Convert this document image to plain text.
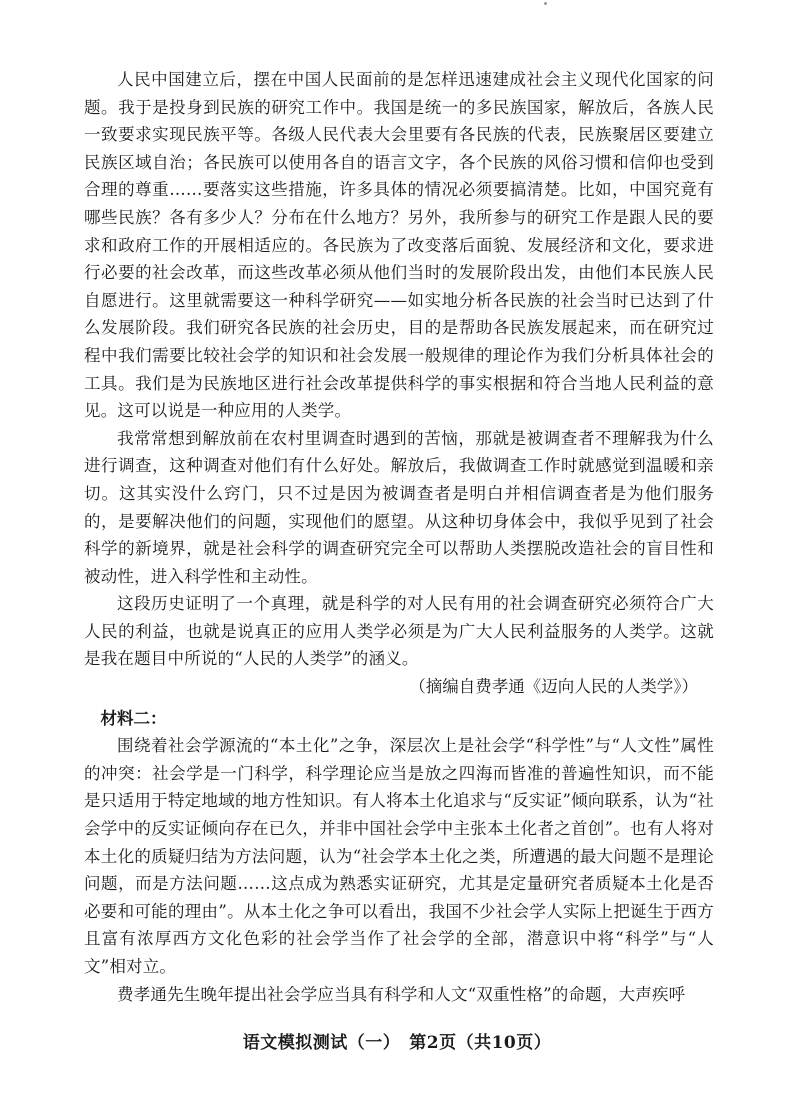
人民中国建立后，摆在中国人民面前的是怎样迅速建成社会主义现代化国家的问题。我于是投身到民族的研究工作中。我国是统一的多民族国家，解放后，各族人民一致要求实现民族平等。各级人民代表大会里要有各民族的代表，民族聚居区要建立民族区域自治；各民族可以使用各自的语言文字，各个民族的风俗习惯和信仰也受到合理的尊重……要落实这些措施，许多具体的情况必须要搞清楚。比如，中国究竟有哪些民族？各有多少人？分布在什么地方？另外，我所参与的研究工作是跟人民的要求和政府工作的开展相适应的。各民族为了改变落后面貌、发展经济和文化，要求进行必要的社会改革，而这些改革必须从他们当时的发展阶段出发，由他们本民族人民自愿进行。这里就需要这一种科学研究——如实地分析各民族的社会当时已达到了什么发展阶段。我们研究各民族的社会历史，目的是帮助各民族发展起来，而在研究过程中我们需要比较社会学的知识和社会发展一般规律的理论作为我们分析具体社会的工具。我们是为民族地区进行社会改革提供科学的事实根据和符合当地人民利益的意见。这可以说是一种应用的人类学。

我常常想到解放前在农村里调查时遇到的苦恼，那就是被调查者不理解我为什么进行调查，这种调查对他们有什么好处。解放后，我做调查工作时就感觉到温暖和亲切。这其实没什么窍门，只不过是因为被调查者是明白并相信调查者是为他们服务的，是要解决他们的问题，实现他们的愿望。从这种切身体会中，我似乎见到了社会科学的新境界，就是社会科学的调查研究完全可以帮助人类摆脱改造社会的盲目性和被动性，进入科学性和主动性。

这段历史证明了一个真理，就是科学的对人民有用的社会调查研究必须符合广大人民的利益，也就是说真正的应用人类学必须是为广大人民利益服务的人类学。这就是我在题目中所说的“人民的人类学”的涵义。

（摘编自费孝通《迈向人民的人类学》）

材料二：

围绕着社会学源流的“本土化”之争，深层次上是社会学“科学性”与“人文性”属性的冲突：社会学是一门科学，科学理论应当是放之四海而皆准的普遍性知识，而不能是只适用于特定地域的地方性知识。有人将本土化追求与“反实证”倾向联系，认为“社会学中的反实证倾向存在已久，并非中国社会学中主张本土化者之首创”。也有人将对本土化的质疑归结为方法问题，认为“社会学本土化之类，所遭遇的最大问题不是理论问题，而是方法问题……这点成为熟悉实证研究，尤其是定量研究者质疑本土化是否必要和可能的理由”。从本土化之争可以看出，我国不少社会学人实际上把诞生于西方且富有浓厚西方文化色彩的社会学当作了社会学的全部，潜意识中将“科学”与“人文”相对立。

费孝通先生晚年提出社会学应当具有科学和人文“双重性格”的命题，大声疾呼

语文模拟测试（一）　第2页（共10页）
